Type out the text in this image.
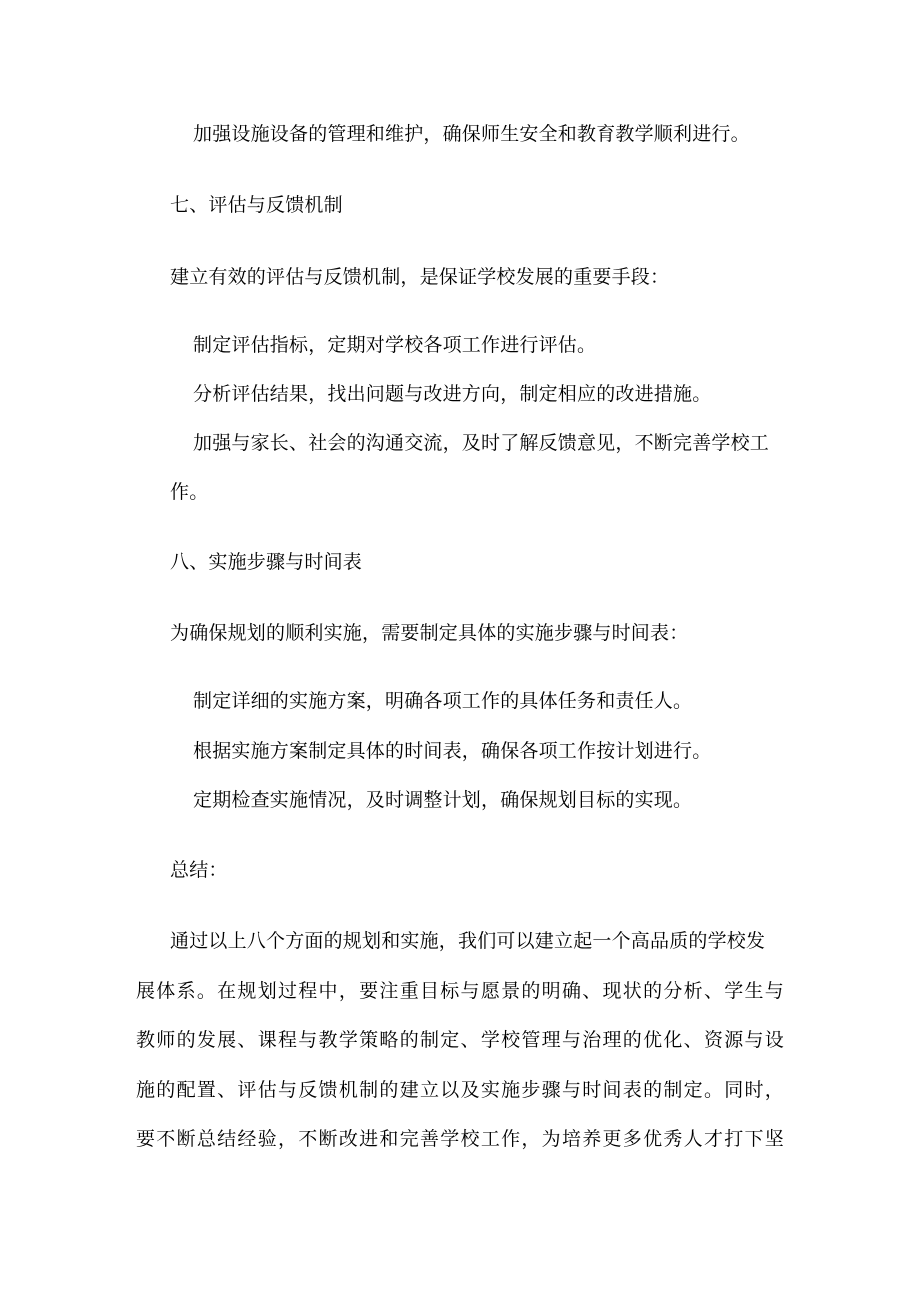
加强设施设备的管理和维护，确保师生安全和教育教学顺利进行。
七、评估与反馈机制
建立有效的评估与反馈机制，是保证学校发展的重要手段：
制定评估指标，定期对学校各项工作进行评估。
分析评估结果，找出问题与改进方向，制定相应的改进措施。
加强与家长、社会的沟通交流，及时了解反馈意见，不断完善学校工
作。
八、实施步骤与时间表
为确保规划的顺利实施，需要制定具体的实施步骤与时间表：
制定详细的实施方案，明确各项工作的具体任务和责任人。
根据实施方案制定具体的时间表，确保各项工作按计划进行。
定期检查实施情况，及时调整计划，确保规划目标的实现。
总结：
通过以上八个方面的规划和实施，我们可以建立起一个高品质的学校发
展体系。在规划过程中，要注重目标与愿景的明确、现状的分析、学生与
教师的发展、课程与教学策略的制定、学校管理与治理的优化、资源与设
施的配置、评估与反馈机制的建立以及实施步骤与时间表的制定。同时，
要不断总结经验，不断改进和完善学校工作，为培养更多优秀人才打下坚
